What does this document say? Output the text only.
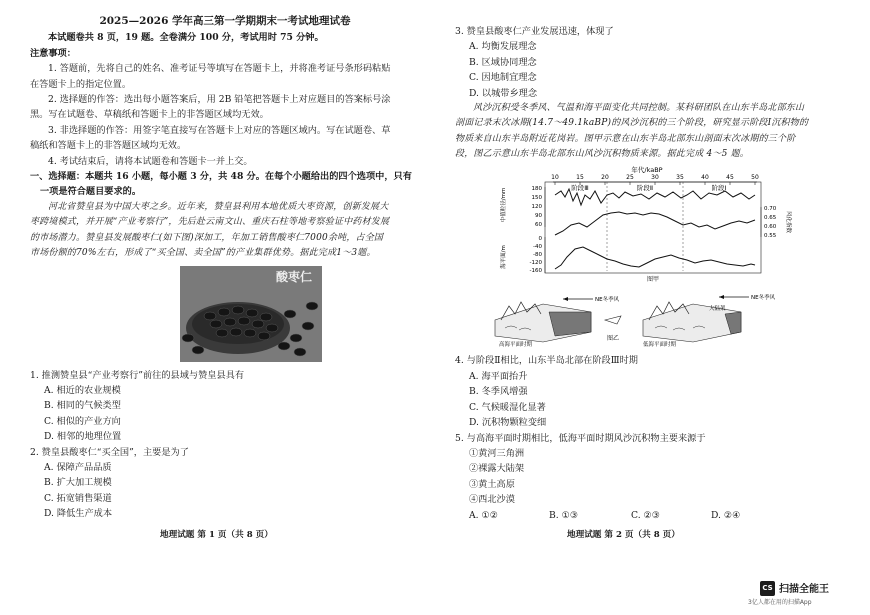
2025—2026 学年高三第一学期期末一考试地理试卷

本试题卷共 8 页，19 题。全卷满分 100 分，考试用时 75 分钟。

注意事项：

1. 答题前，先将自己的姓名、准考证号等填写在答题卡上，并将准考证号条形码粘贴

在答题卡上的指定位置。

2. 选择题的作答：选出每小题答案后，用 2B 铅笔把答题卡上对应题目的答案标号涂

黑。写在试题卷、草稿纸和答题卡上的非答题区域均无效。

3. 非选择题的作答：用签字笔直接写在答题卡上对应的答题区域内。写在试题卷、草

稿纸和答题卡上的非答题区域均无效。

4. 考试结束后，请将本试题卷和答题卡一并上交。

一、选择题：本题共 16 小题，每小题 3 分，共 48 分。在每个小题给出的四个选项中，只有

一项是符合题目要求的。

河北省赞皇县为中国大枣之乡。近年来，赞皇县利用本地优质大枣资源，创新发展大

枣跨境模式，并开展“产业考察行”，先后赴云南文山、重庆石柱等地考察验证中药材发展

的市场潜力。赞皇县发展酸枣仁(如下图)深加工，年加工销售酸枣仁7000余吨，占全国

市场份额的70%左右，形成了“买全国、卖全国”的产业集群优势。据此完成1～3题。

酸枣仁

1. 推测赞皇县“产业考察行”前往的县域与赞皇县具有

A. 相近的农业规模

B. 相同的气候类型

C. 相似的产业方向

D. 相邻的地理位置

2. 赞皇县酸枣仁“买全国”，主要是为了

A. 保障产品品质

B. 扩大加工规模

C. 拓宽销售渠道

D. 降低生产成本

地理试题 第 1 页（共 8 页）

3. 赞皇县酸枣仁产业发展迅速，体现了

A. 均衡发展理念

B. 区域协同理念

C. 因地制宜理念

D. 以城带乡理念

风沙沉积受冬季风、气温和海平面变化共同控制。某科研团队在山东半岛北部东山

剖面记录末次冰期(14.7～49.1kaBP)的风沙沉积的三个阶段，研究显示阶段Ⅰ沉积物的

物质来自山东半岛附近花岗岩。图甲示意在山东半岛北部东山剖面末次冰期的三个阶

段，图乙示意山东半岛北部东山风沙沉积物质来源。据此完成 4～5 题。

年代/kaBP
10	15	20	25	30	35	40	45	50
阶段Ⅲ	阶段Ⅱ	阶段Ⅰ
中值粒径/mm	180
150
120
90
60	风化指数
0.70
0.65
0.60
0.55
海平面/m
0
-40
-80
-120
-160
图甲

高海平面时期
NE冬季风
图乙
低海平面时期
NE冬季风
大陆架

4. 与阶段Ⅱ相比，山东半岛北部在阶段Ⅲ时期

A. 海平面抬升

B. 冬季风增强

C. 气候暖湿化显著

D. 沉积物颗粒变细

5. 与高海平面时期相比，低海平面时期风沙沉积物主要来源于

①黄河三角洲

②裸露大陆架

③黄土高原

④西北沙漠

A. ①②	B. ①③	C. ②③	D. ②④

地理试题 第 2 页（共 8 页）
CS 扫描全能王
3亿人都在用的扫描App
